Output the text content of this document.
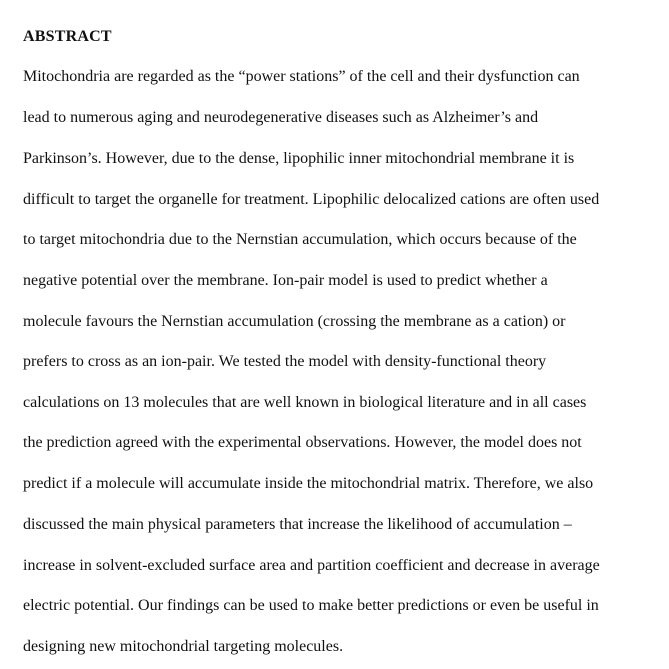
ABSTRACT
Mitochondria are regarded as the “power stations” of the cell and their dysfunction can
lead to numerous aging and neurodegenerative diseases such as Alzheimer’s and
Parkinson’s. However, due to the dense, lipophilic inner mitochondrial membrane it is
difficult to target the organelle for treatment. Lipophilic delocalized cations are often used
to target mitochondria due to the Nernstian accumulation, which occurs because of the
negative potential over the membrane. Ion-pair model is used to predict whether a
molecule favours the Nernstian accumulation (crossing the membrane as a cation) or
prefers to cross as an ion-pair. We tested the model with density-functional theory
calculations on 13 molecules that are well known in biological literature and in all cases
the prediction agreed with the experimental observations. However, the model does not
predict if a molecule will accumulate inside the mitochondrial matrix. Therefore, we also
discussed the main physical parameters that increase the likelihood of accumulation –
increase in solvent-excluded surface area and partition coefficient and decrease in average
electric potential. Our findings can be used to make better predictions or even be useful in
designing new mitochondrial targeting molecules.
